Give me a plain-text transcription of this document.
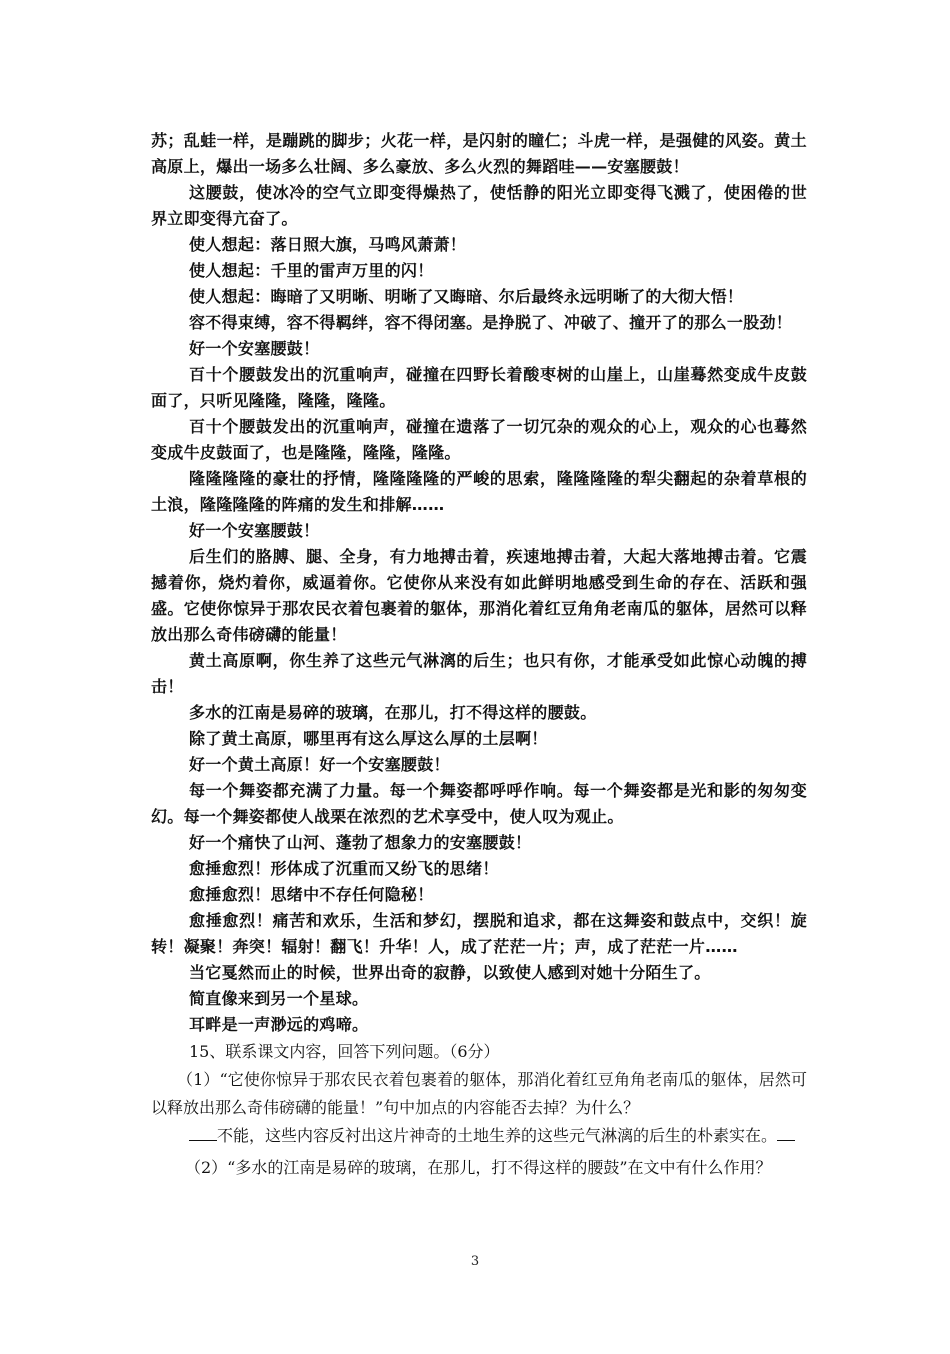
苏；乱蛙一样，是蹦跳的脚步；火花一样，是闪射的瞳仁；斗虎一样，是强健的风姿。黄土高原上，爆出一场多么壮阔、多么豪放、多么火烈的舞蹈哇——安塞腰鼓！

这腰鼓，使冰冷的空气立即变得燥热了，使恬静的阳光立即变得飞溅了，使困倦的世界立即变得亢奋了。

使人想起：落日照大旗，马鸣风萧萧！

使人想起：千里的雷声万里的闪！

使人想起：晦暗了又明晰、明晰了又晦暗、尔后最终永远明晰了的大彻大悟！

容不得束缚，容不得羁绊，容不得闭塞。是挣脱了、冲破了、撞开了的那么一股劲！

好一个安塞腰鼓！

百十个腰鼓发出的沉重响声，碰撞在四野长着酸枣树的山崖上，山崖蓦然变成牛皮鼓面了，只听见隆隆，隆隆，隆隆。

百十个腰鼓发出的沉重响声，碰撞在遗落了一切冗杂的观众的心上，观众的心也蓦然变成牛皮鼓面了，也是隆隆，隆隆，隆隆。

隆隆隆隆的豪壮的抒情，隆隆隆隆的严峻的思索，隆隆隆隆的犁尖翻起的杂着草根的土浪，隆隆隆隆的阵痛的发生和排解……

好一个安塞腰鼓！

后生们的胳膊、腿、全身，有力地搏击着，疾速地搏击着，大起大落地搏击着。它震撼着你，烧灼着你，威逼着你。它使你从来没有如此鲜明地感受到生命的存在、活跃和强盛。它使你惊异于那农民衣着包裹着的躯体，那消化着红豆角角老南瓜的躯体，居然可以释放出那么奇伟磅礴的能量！

黄土高原啊，你生养了这些元气淋漓的后生；也只有你，才能承受如此惊心动魄的搏击！

多水的江南是易碎的玻璃，在那儿，打不得这样的腰鼓。

除了黄土高原，哪里再有这么厚这么厚的土层啊！

好一个黄土高原！好一个安塞腰鼓！

每一个舞姿都充满了力量。每一个舞姿都呼呼作响。每一个舞姿都是光和影的匆匆变幻。每一个舞姿都使人战栗在浓烈的艺术享受中，使人叹为观止。

好一个痛快了山河、蓬勃了想象力的安塞腰鼓！

愈捶愈烈！形体成了沉重而又纷飞的思绪！

愈捶愈烈！思绪中不存任何隐秘！

愈捶愈烈！痛苦和欢乐，生活和梦幻，摆脱和追求，都在这舞姿和鼓点中，交织！旋转！凝聚！奔突！辐射！翻飞！升华！人，成了茫茫一片；声，成了茫茫一片……

当它戛然而止的时候，世界出奇的寂静，以致使人感到对她十分陌生了。

简直像来到另一个星球。

耳畔是一声渺远的鸡啼。

15、联系课文内容，回答下列问题。（6分）

（1）“它使你惊异于那农民衣着包裹着的躯体，那消化着红豆角角老南瓜的躯体，居然可以释放出那么奇伟磅礴的能量！”句中加点的内容能否去掉？为什么？

不能，这些内容反衬出这片神奇的土地生养的这些元气淋漓的后生的朴素实在。

（2）“多水的江南是易碎的玻璃，在那儿，打不得这样的腰鼓”在文中有什么作用？

3
